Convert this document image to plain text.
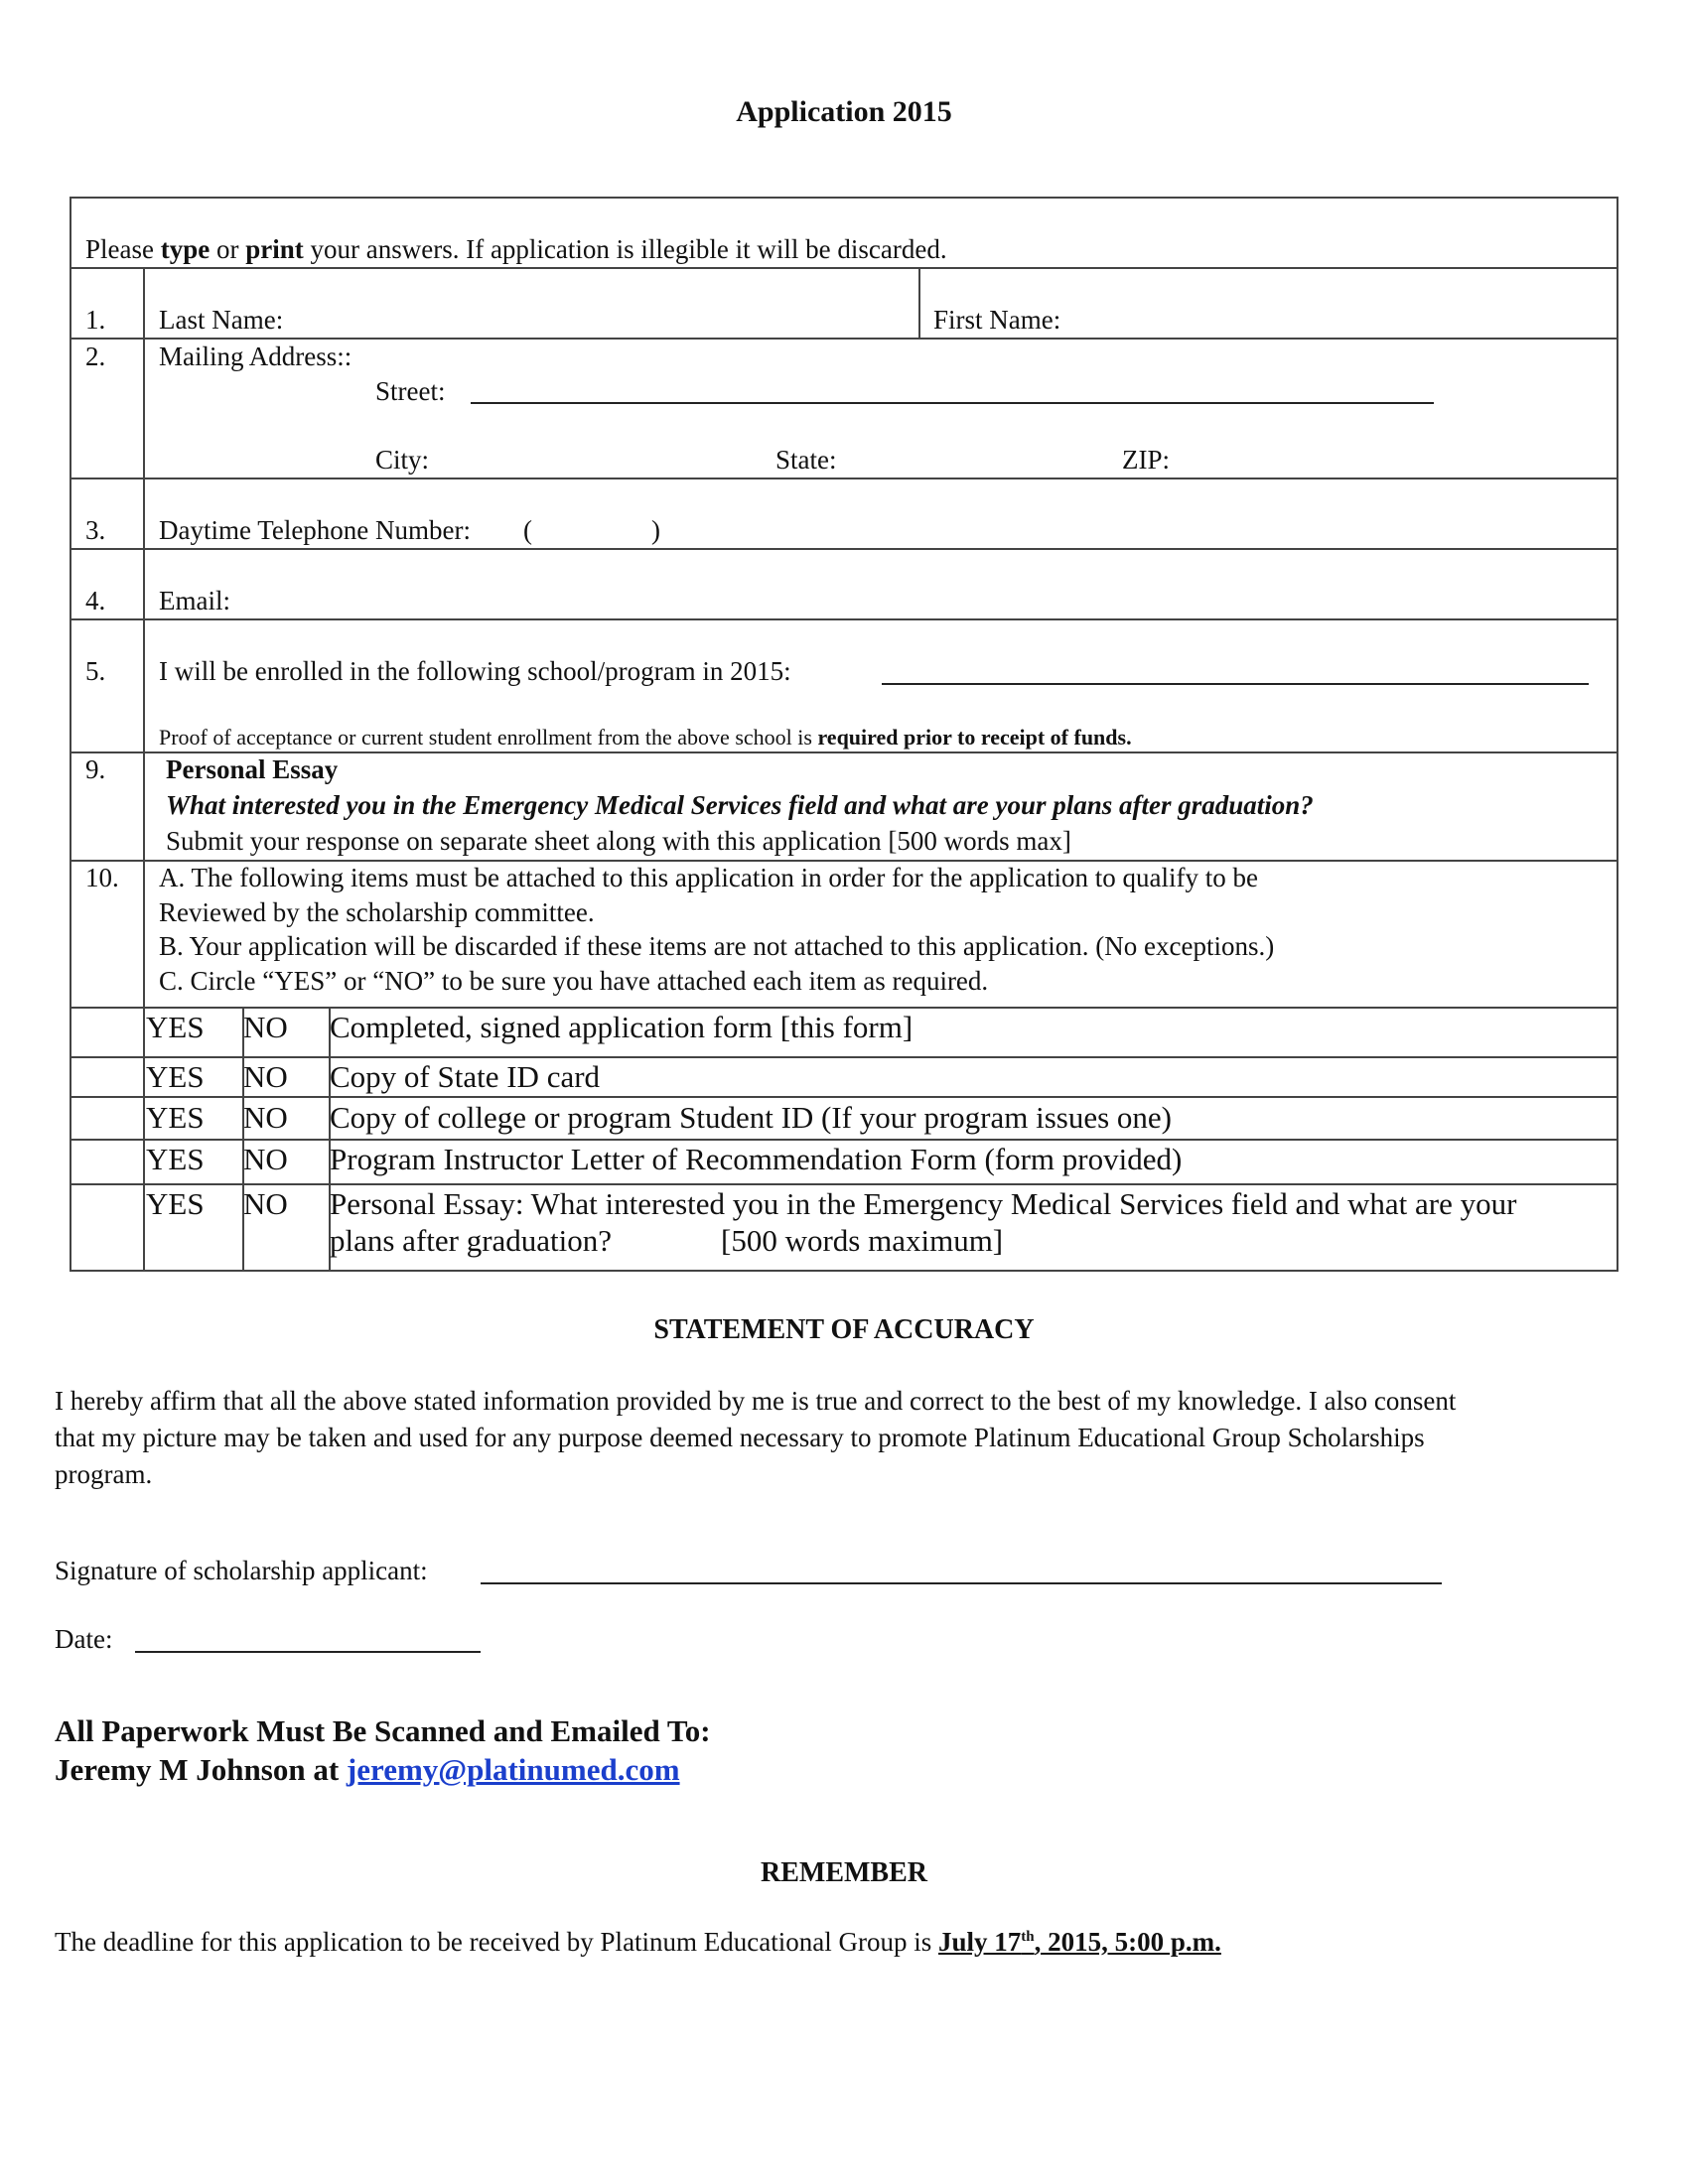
Application 2015
Please type or print your answers. If application is illegible it will be discarded.
1. Last Name:	First Name:
2. Mailing Address::
Street:
City:	State:	ZIP:
3. Daytime Telephone Number: (	)
4. Email:
5. I will be enrolled in the following school/program in 2015:
Proof of acceptance or current student enrollment from the above school is required prior to receipt of funds.
9. Personal Essay
What interested you in the Emergency Medical Services field and what are your plans after graduation?
Submit your response on separate sheet along with this application [500 words max]
10. A. The following items must be attached to this application in order for the application to qualify to be
Reviewed by the scholarship committee.
B. Your application will be discarded if these items are not attached to this application. (No exceptions.)
C. Circle “YES” or “NO” to be sure you have attached each item as required.
YES NO Completed, signed application form [this form]
YES NO Copy of State ID card
YES NO Copy of college or program Student ID (If your program issues one)
YES NO Program Instructor Letter of Recommendation Form (form provided)
YES NO Personal Essay: What interested you in the Emergency Medical Services field and what are your
plans after graduation?	[500 words maximum]
STATEMENT OF ACCURACY
I hereby affirm that all the above stated information provided by me is true and correct to the best of my knowledge. I also consent
that my picture may be taken and used for any purpose deemed necessary to promote Platinum Educational Group Scholarships
program.
Signature of scholarship applicant:
Date:
All Paperwork Must Be Scanned and Emailed To:
Jeremy M Johnson at jeremy@platinumed.com
REMEMBER
The deadline for this application to be received by Platinum Educational Group is July 17th, 2015, 5:00 p.m.
